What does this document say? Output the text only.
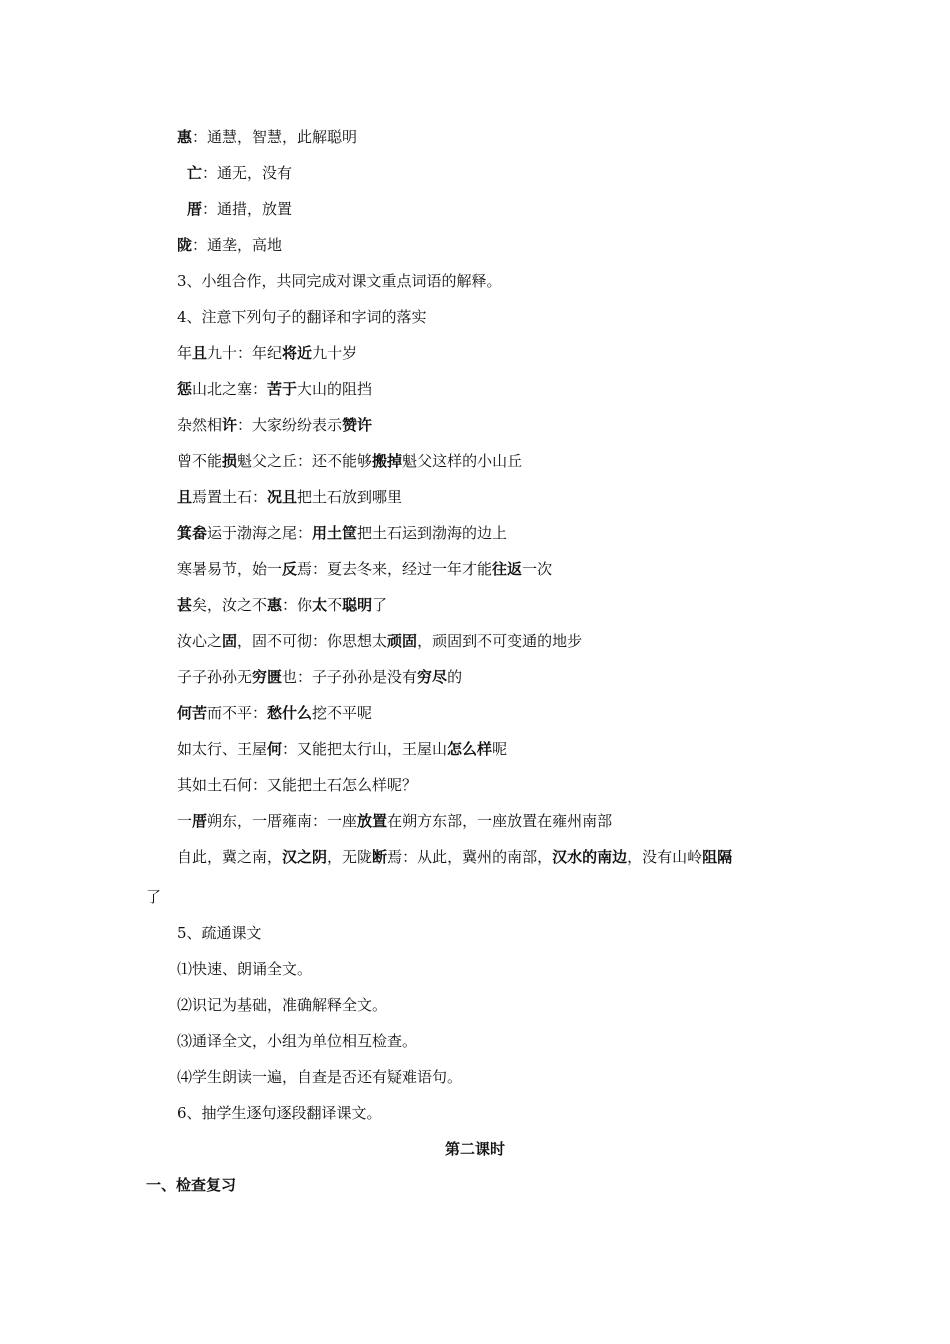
惠：通慧，智慧，此解聪明
亡：通无，没有
厝：通措，放置
陇：通垄，高地
3、小组合作，共同完成对课文重点词语的解释。
4、注意下列句子的翻译和字词的落实
年且九十：年纪将近九十岁
惩山北之塞：苦于大山的阻挡
杂然相许：大家纷纷表示赞许
曾不能损魁父之丘：还不能够搬掉魁父这样的小山丘
且焉置土石：况且把土石放到哪里
箕畚运于渤海之尾：用土筐把土石运到渤海的边上
寒暑易节，始一反焉：夏去冬来，经过一年才能往返一次
甚矣，汝之不惠：你太不聪明了
汝心之固，固不可彻：你思想太顽固，顽固到不可变通的地步
子子孙孙无穷匮也：子子孙孙是没有穷尽的
何苦而不平：愁什么挖不平呢
如太行、王屋何：又能把太行山，王屋山怎么样呢
其如土石何：又能把土石怎么样呢？
一厝朔东，一厝雍南：一座放置在朔方东部，一座放置在雍州南部
自此，冀之南，汉之阴，无陇断焉：从此，冀州的南部，汉水的南边，没有山岭阻隔
了
5、疏通课文
⑴快速、朗诵全文。
⑵识记为基础，准确解释全文。
⑶通译全文，小组为单位相互检查。
⑷学生朗读一遍，自查是否还有疑难语句。
6、抽学生逐句逐段翻译课文。
第二课时
一、检查复习
